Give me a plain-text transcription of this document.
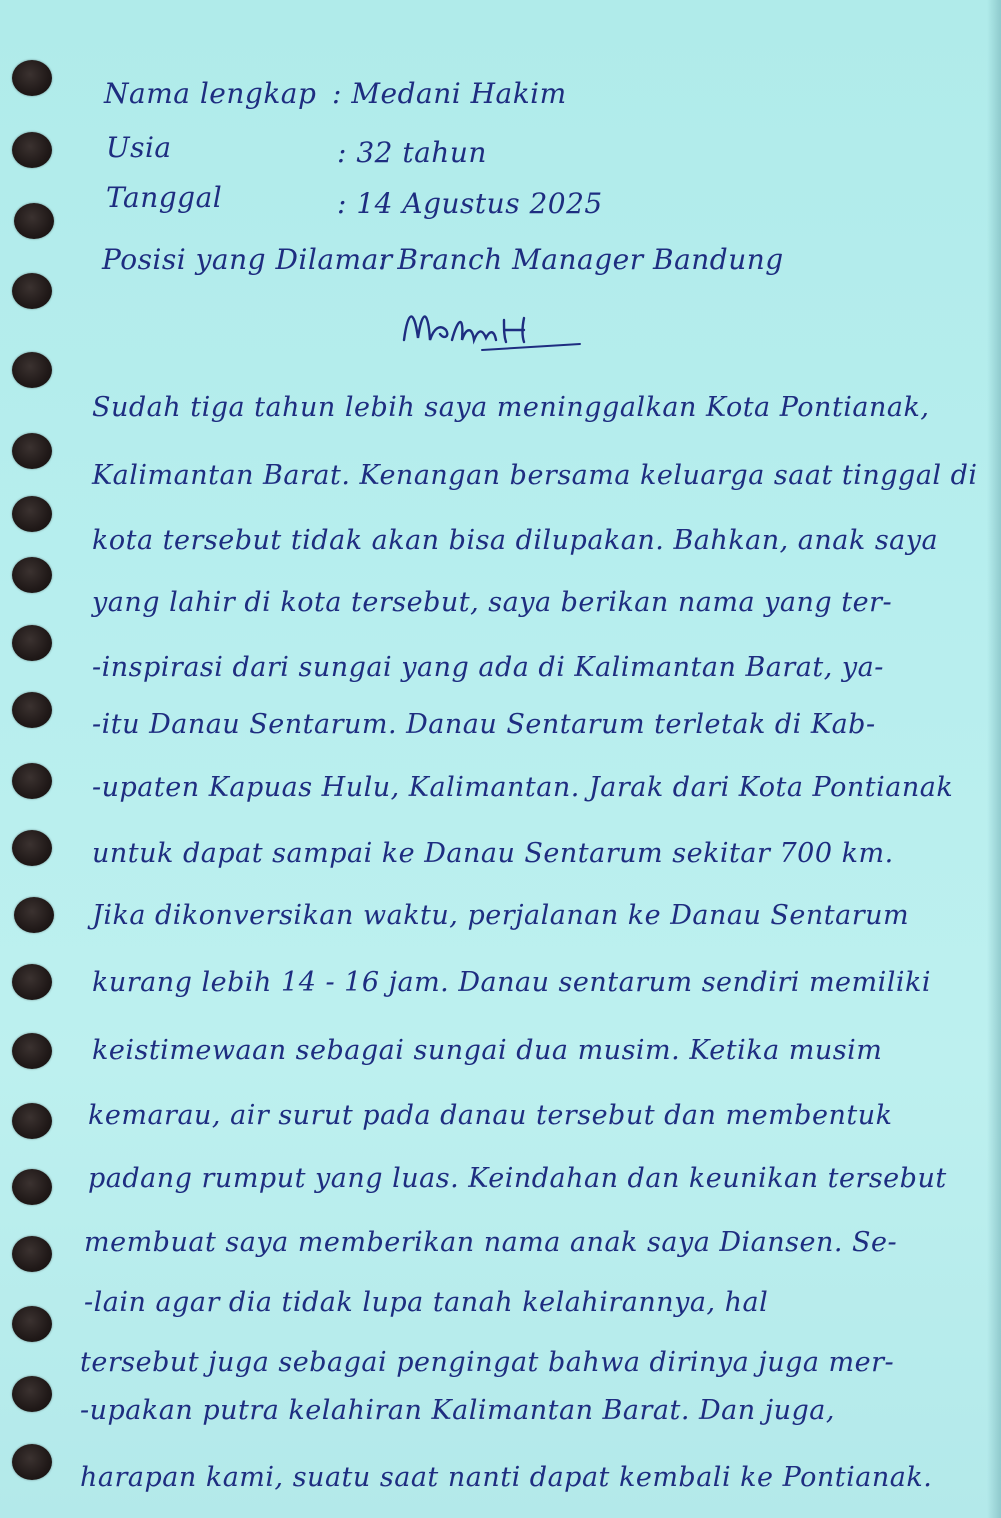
Nama lengkap : Medani Hakim
Usia	: 32 tahun
Tanggal	: 14 Agustus 2025
Posisi yang Dilamar
: Branch Manager Bandung
Sudah tiga tahun lebih saya meninggalkan Kota Pontianak,
Kalimantan Barat. Kenangan bersama keluarga saat tinggal di
kota tersebut tidak akan bisa dilupakan. Bahkan, anak saya
yang lahir di kota tersebut, saya berikan nama yang ter-
-inspirasi dari sungai yang ada di Kalimantan Barat, ya-
-itu Danau Sentarum. Danau Sentarum terletak di Kab-
-upaten Kapuas Hulu, Kalimantan. Jarak dari Kota Pontianak
untuk dapat sampai ke Danau Sentarum sekitar 700 km.
Jika dikonversikan waktu, perjalanan ke Danau Sentarum
kurang lebih 14 - 16 jam. Danau sentarum sendiri memiliki
keistimewaan sebagai sungai dua musim. Ketika musim
kemarau, air surut pada danau tersebut dan membentuk
padang rumput yang luas. Keindahan dan keunikan tersebut
membuat saya memberikan nama anak saya Diansen. Se-
-lain agar dia tidak lupa tanah kelahirannya, hal
tersebut juga sebagai pengingat bahwa dirinya juga mer-
-upakan putra kelahiran Kalimantan Barat. Dan juga,
harapan kami, suatu saat nanti dapat kembali ke Pontianak.
